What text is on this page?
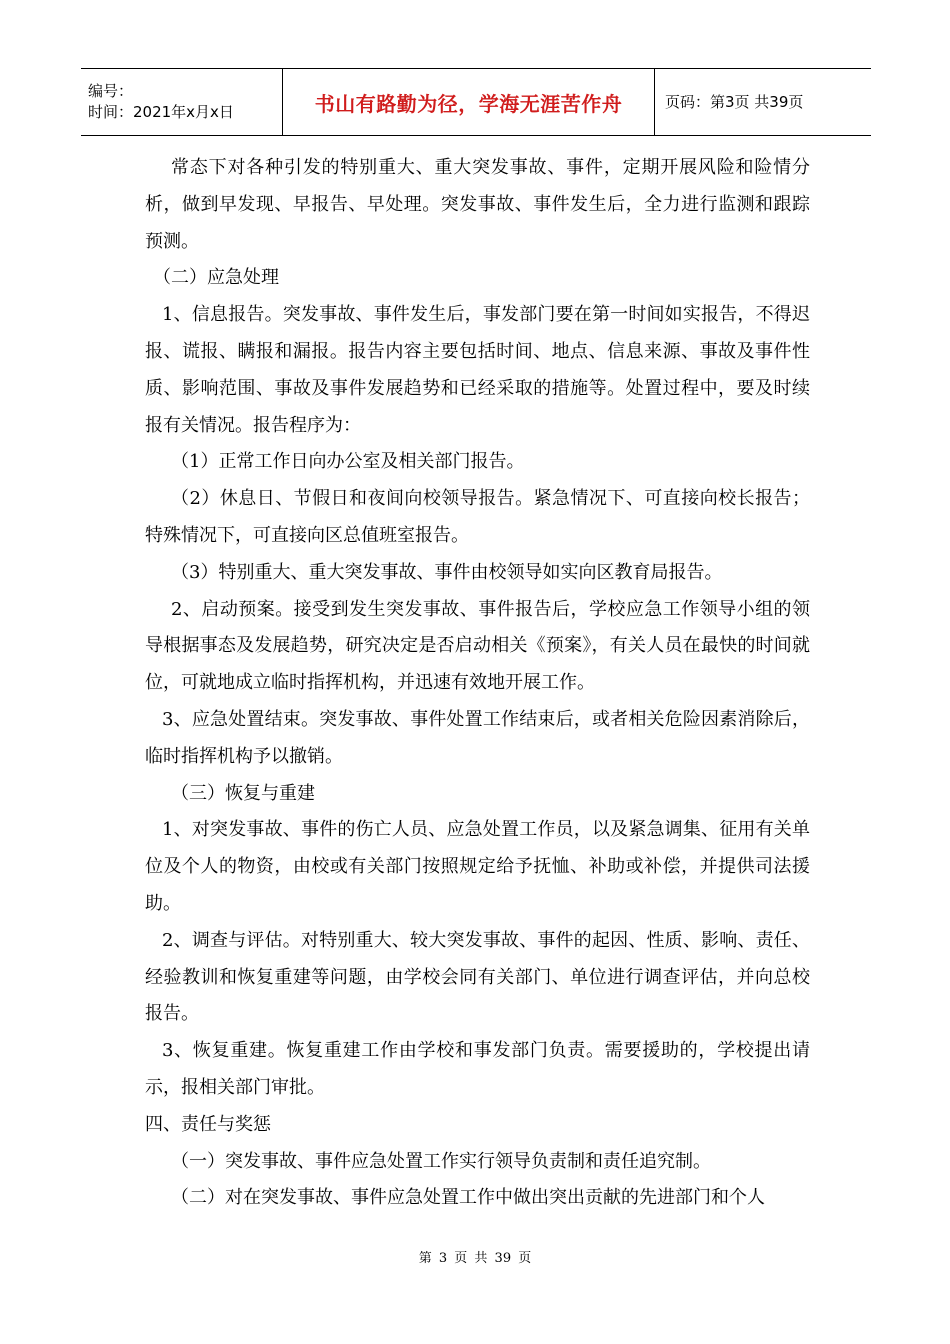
编号：
时间：2021年x月x日	书山有路勤为径，学海无涯苦作舟	页码：第3页 共39页

常态下对各种引发的特别重大、重大突发事故、事件，定期开展风险和险情分析，做到早发现、早报告、早处理。突发事故、事件发生后，全力进行监测和跟踪预测。

（二）应急处理

1、信息报告。突发事故、事件发生后，事发部门要在第一时间如实报告，不得迟报、谎报、瞒报和漏报。报告内容主要包括时间、地点、信息来源、事故及事件性质、影响范围、事故及事件发展趋势和已经采取的措施等。处置过程中，要及时续报有关情况。报告程序为：

（1）正常工作日向办公室及相关部门报告。

（2）休息日、节假日和夜间向校领导报告。紧急情况下、可直接向校长报告；特殊情况下，可直接向区总值班室报告。

（3）特别重大、重大突发事故、事件由校领导如实向区教育局报告。

2、启动预案。接受到发生突发事故、事件报告后，学校应急工作领导小组的领导根据事态及发展趋势，研究决定是否启动相关《预案》，有关人员在最快的时间就位，可就地成立临时指挥机构，并迅速有效地开展工作。

3、应急处置结束。突发事故、事件处置工作结束后，或者相关危险因素消除后，临时指挥机构予以撤销。

（三）恢复与重建

1、对突发事故、事件的伤亡人员、应急处置工作员，以及紧急调集、征用有关单位及个人的物资，由校或有关部门按照规定给予抚恤、补助或补偿，并提供司法援助。

2、调查与评估。对特别重大、较大突发事故、事件的起因、性质、影响、责任、经验教训和恢复重建等问题，由学校会同有关部门、单位进行调查评估，并向总校报告。

3、恢复重建。恢复重建工作由学校和事发部门负责。需要援助的，学校提出请示，报相关部门审批。

四、责任与奖惩

（一）突发事故、事件应急处置工作实行领导负责制和责任追究制。

（二）对在突发事故、事件应急处置工作中做出突出贡献的先进部门和个人

第 3 页 共 39 页
